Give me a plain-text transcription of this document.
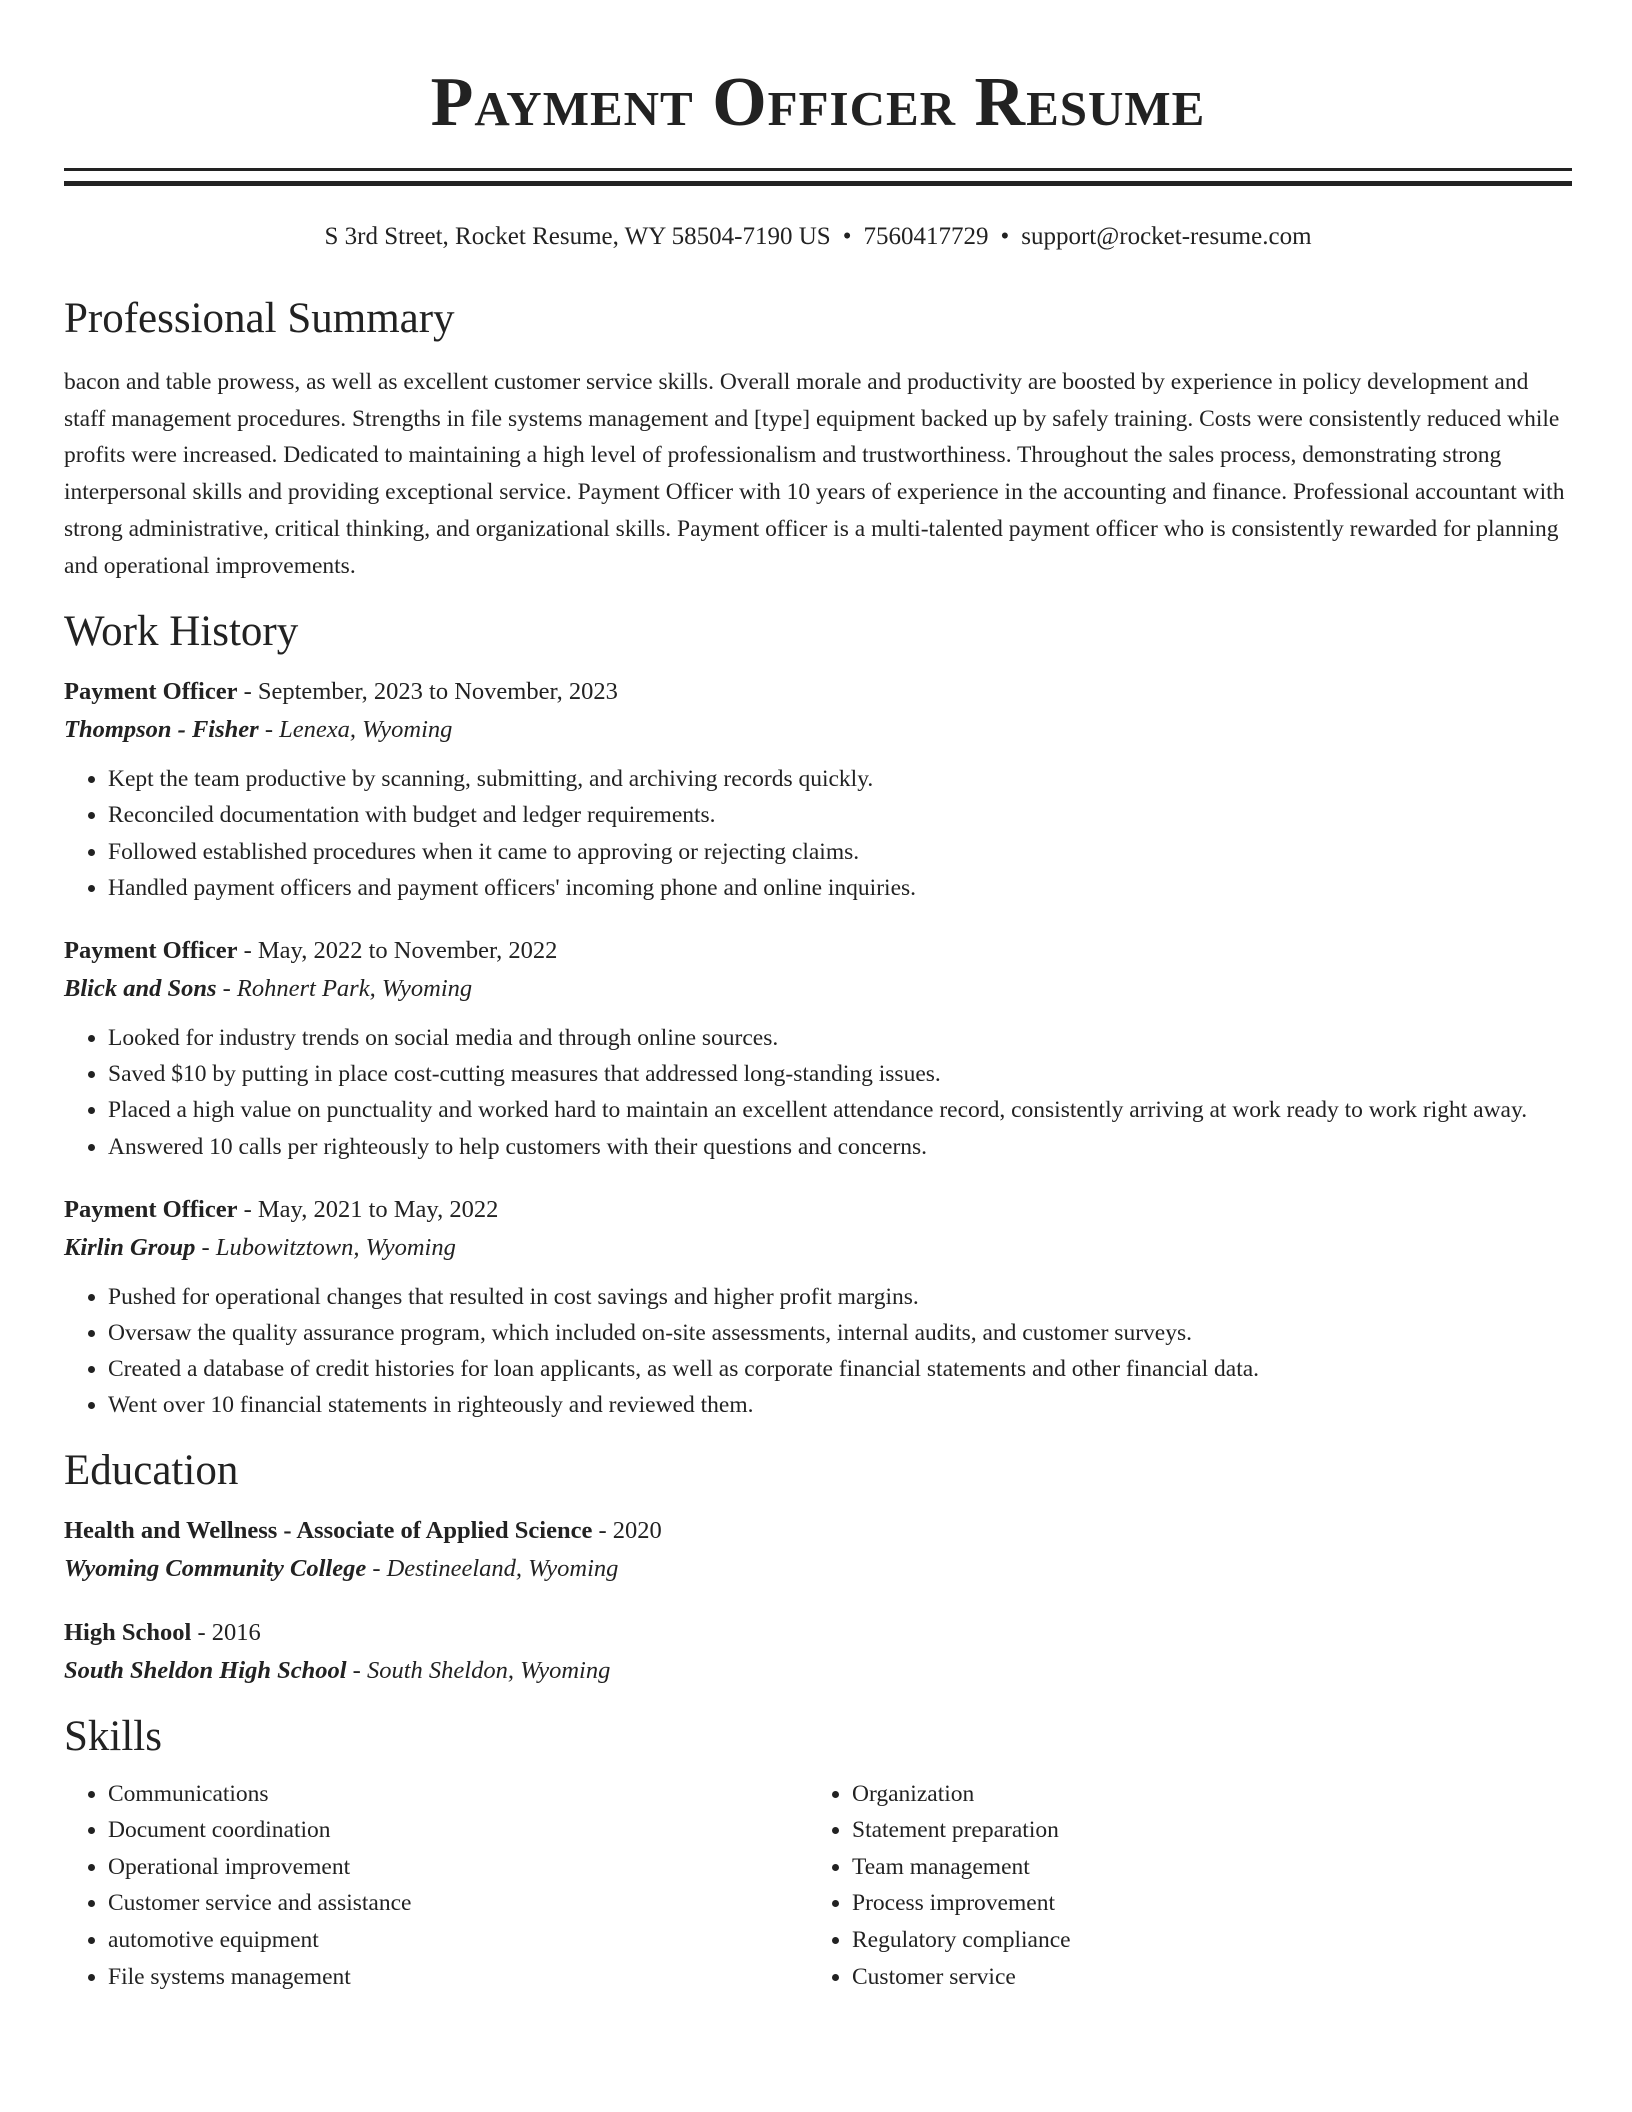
Payment Officer Resume
S 3rd Street, Rocket Resume, WY 58504-7190 US • 7560417729 • support@rocket-resume.com
Professional Summary

bacon and table prowess, as well as excellent customer service skills. Overall morale and productivity are boosted by experience in policy development and staff management procedures. Strengths in file systems management and [type] equipment backed up by safely training. Costs were consistently reduced while profits were increased. Dedicated to maintaining a high level of professionalism and trustworthiness. Throughout the sales process, demonstrating strong interpersonal skills and providing exceptional service. Payment Officer with 10 years of experience in the accounting and finance. Professional accountant with strong administrative, critical thinking, and organizational skills. Payment officer is a multi-talented payment officer who is consistently rewarded for planning and operational improvements.

Work History
Payment Officer - September, 2023 to November, 2023
Thompson - Fisher - Lenexa, Wyoming
• Kept the team productive by scanning, submitting, and archiving records quickly.
• Reconciled documentation with budget and ledger requirements.
• Followed established procedures when it came to approving or rejecting claims.
• Handled payment officers and payment officers' incoming phone and online inquiries.
Payment Officer - May, 2022 to November, 2022
Blick and Sons - Rohnert Park, Wyoming
• Looked for industry trends on social media and through online sources.
• Saved $10 by putting in place cost-cutting measures that addressed long-standing issues.
• Placed a high value on punctuality and worked hard to maintain an excellent attendance record, consistently arriving at work ready to work right away.
• Answered 10 calls per righteously to help customers with their questions and concerns.
Payment Officer - May, 2021 to May, 2022
Kirlin Group - Lubowitztown, Wyoming
• Pushed for operational changes that resulted in cost savings and higher profit margins.
• Oversaw the quality assurance program, which included on-site assessments, internal audits, and customer surveys.
• Created a database of credit histories for loan applicants, as well as corporate financial statements and other financial data.
• Went over 10 financial statements in righteously and reviewed them.
Education
Health and Wellness - Associate of Applied Science - 2020
Wyoming Community College - Destineeland, Wyoming
High School - 2016
South Sheldon High School - South Sheldon, Wyoming
Skills
• Communications
• Document coordination
• Operational improvement
• Customer service and assistance
• automotive equipment
• File systems management
• Organization
• Statement preparation
• Team management
• Process improvement
• Regulatory compliance
• Customer service
